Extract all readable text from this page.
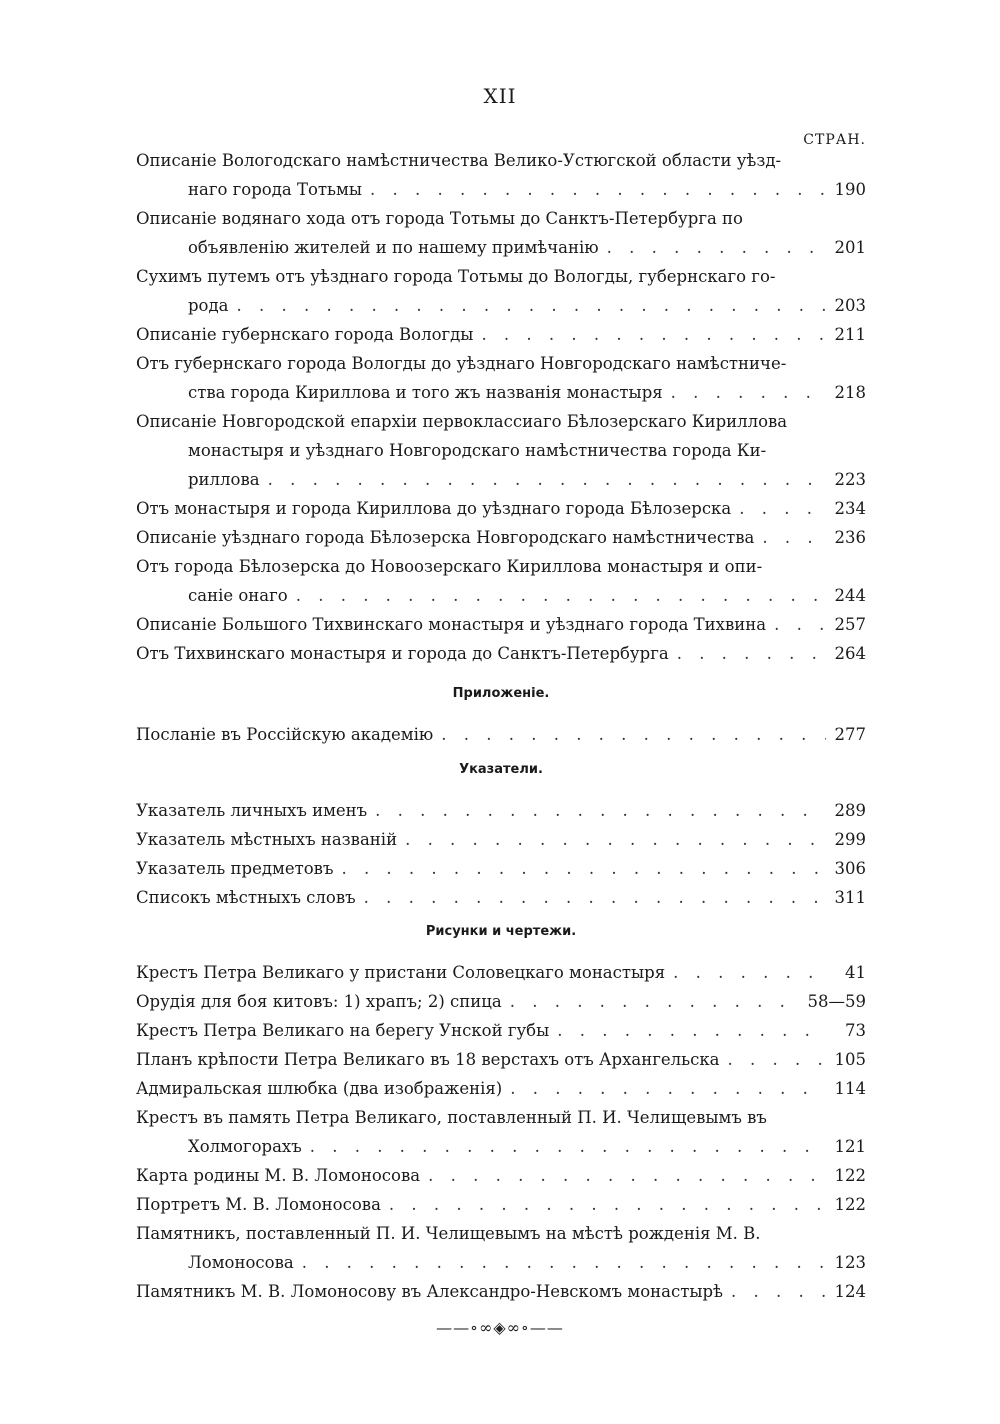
XII
СТРАН.
Описаніе Вологодскаго намѣстничества Велико-Устюгской области уѣзд-
наго города Тотьмы . . .	190
Описаніе водянаго хода отъ города Тотьмы до Санктъ-Петербурга по
объявленію жителей и по нашему примѣчанію . . .	201
Сухимъ путемъ отъ уѣзднаго города Тотьмы до Вологды, губернскаго го-
рода . . .	203
Описаніе губернскаго города Вологды . . .	211
Отъ губернскаго города Вологды до уѣзднаго Новгородскаго намѣстниче-
ства города Кириллова и того жъ названія монастыря . . .	218
Описаніе Новгородской епархіи первоклассиаго Бѣлозерскаго Кириллова
монастыря и уѣзднаго Новгородскаго намѣстничества города Ки-
риллова . . .	223
Отъ монастыря и города Кириллова до уѣзднаго города Бѣлозерска . . .	234
Описаніе уѣзднаго города Бѣлозерска Новгородскаго намѣстничества . . .	236
Отъ города Бѣлозерска до Новоозерскаго Кириллова монастыря и опи-
саніе онаго . . .	244
Описаніе Большого Тихвинскаго монастыря и уѣзднаго города Тихвина . . .	257
Отъ Тихвинскаго монастыря и города до Санктъ-Петербурга . . .	264
Приложеніе.
Посланіе въ Россійскую академію . . .	277
Указатели.
Указатель личныхъ именъ . . .	289
Указатель мѣстныхъ названій . . .	299
Указатель предметовъ . . .	306
Списокъ мѣстныхъ словъ . . .	311
Рисунки и чертежи.
Крестъ Петра Великаго у пристани Соловецкаго монастыря . . .	41
Орудія для боя китовъ: 1) храпъ; 2) спица . . .	58—59
Крестъ Петра Великаго на берегу Унской губы . . .	73
Планъ крѣпости Петра Великаго въ 18 верстахъ отъ Архангельска . . .	105
Адмиральская шлюбка (два изображенія) . . .	114
Крестъ въ память Петра Великаго, поставленный П. И. Челищевымъ въ
Холмогорахъ . . .	121
Карта родины М. В. Ломоносова . . .	122
Портретъ М. В. Ломоносова . . .	122
Памятникъ, поставленный П. И. Челищевымъ на мѣстѣ рожденія М. В.
Ломоносова . . .	123
Памятникъ М. В. Ломоносову въ Александро-Невскомъ монастырѣ . . .	124
——∘∞◈∞∘——
